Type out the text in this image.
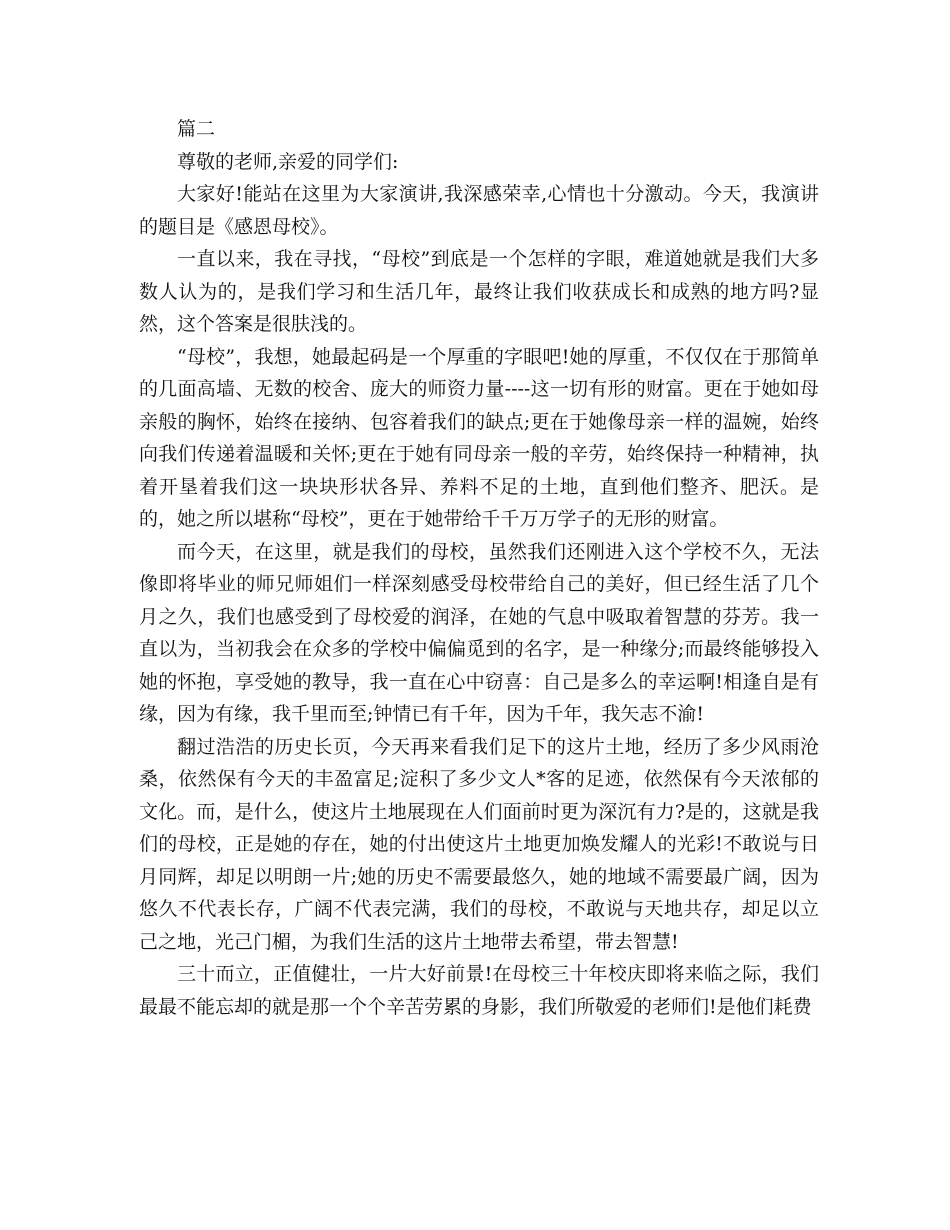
篇二

尊敬的老师,亲爱的同学们:

大家好!能站在这里为大家演讲,我深感荣幸,心情也十分激动。今天，我演讲的题目是《感恩母校》。

一直以来，我在寻找，“母校”到底是一个怎样的字眼，难道她就是我们大多数人认为的，是我们学习和生活几年，最终让我们收获成长和成熟的地方吗?显然，这个答案是很肤浅的。

“母校”，我想，她最起码是一个厚重的字眼吧!她的厚重，不仅仅在于那简单的几面高墙、无数的校舍、庞大的师资力量----这一切有形的财富。更在于她如母亲般的胸怀，始终在接纳、包容着我们的缺点;更在于她像母亲一样的温婉，始终向我们传递着温暖和关怀;更在于她有同母亲一般的辛劳，始终保持一种精神，执着开垦着我们这一块块形状各异、养料不足的土地，直到他们整齐、肥沃。是的，她之所以堪称“母校”，更在于她带给千千万万学子的无形的财富。

而今天，在这里，就是我们的母校，虽然我们还刚进入这个学校不久，无法像即将毕业的师兄师姐们一样深刻感受母校带给自己的美好，但已经生活了几个月之久，我们也感受到了母校爱的润泽，在她的气息中吸取着智慧的芬芳。我一直以为，当初我会在众多的学校中偏偏觅到的名字，是一种缘分;而最终能够投入她的怀抱，享受她的教导，我一直在心中窃喜：自己是多么的幸运啊!相逢自是有缘，因为有缘，我千里而至;钟情已有千年，因为千年，我矢志不渝!

翻过浩浩的历史长页，今天再来看我们足下的这片土地，经历了多少风雨沧桑，依然保有今天的丰盈富足;淀积了多少文人*客的足迹，依然保有今天浓郁的文化。而，是什么，使这片土地展现在人们面前时更为深沉有力?是的，这就是我们的母校，正是她的存在，她的付出使这片土地更加焕发耀人的光彩!不敢说与日月同辉，却足以明朗一片;她的历史不需要最悠久，她的地域不需要最广阔，因为悠久不代表长存，广阔不代表完满，我们的母校，不敢说与天地共存，却足以立己之地，光己门楣，为我们生活的这片土地带去希望，带去智慧!

三十而立，正值健壮，一片大好前景!在母校三十年校庆即将来临之际，我们最最不能忘却的就是那一个个辛苦劳累的身影，我们所敬爱的老师们!是他们耗费
